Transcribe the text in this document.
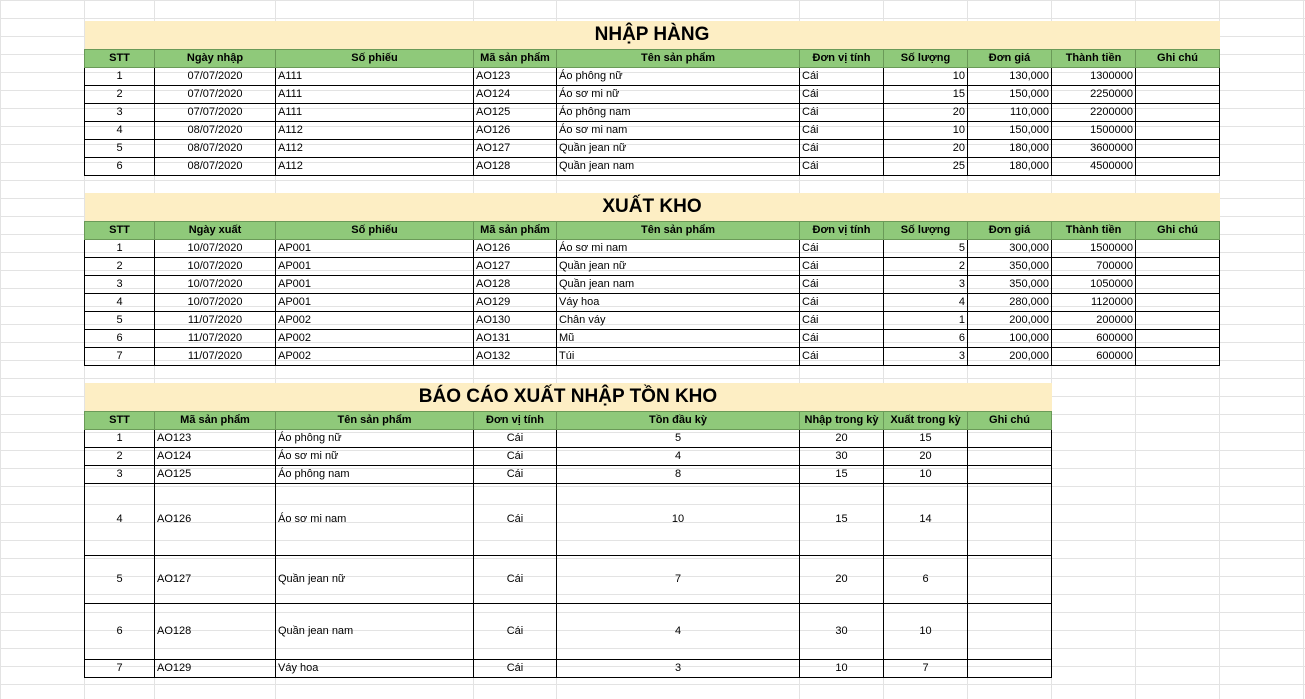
NHẬP HÀNG									
STT	Ngày nhập	Số phiếu	Mã sản phẩm	Tên sản phẩm	Đơn vị tính	Số lượng	Đơn giá	Thành tiền	Ghi chú
1	07/07/2020	A111	AO123	Áo phông nữ	Cái	10	130,000	1300000	
2	07/07/2020	A111	AO124	Áo sơ mi nữ	Cái	15	150,000	2250000	
3	07/07/2020	A111	AO125	Áo phông nam	Cái	20	110,000	2200000	
4	08/07/2020	A112	AO126	Áo sơ mi nam	Cái	10	150,000	1500000	
5	08/07/2020	A112	AO127	Quần jean nữ	Cái	20	180,000	3600000	
6	08/07/2020	A112	AO128	Quần jean nam	Cái	25	180,000	4500000	
XUẤT KHO									
STT	Ngày xuất	Số phiếu	Mã sản phẩm	Tên sản phẩm	Đơn vị tính	Số lượng	Đơn giá	Thành tiền	Ghi chú
1	10/07/2020	AP001	AO126	Áo sơ mi nam	Cái	5	300,000	1500000	
2	10/07/2020	AP001	AO127	Quần jean nữ	Cái	2	350,000	700000	
3	10/07/2020	AP001	AO128	Quần jean nam	Cái	3	350,000	1050000	
4	10/07/2020	AP001	AO129	Váy hoa	Cái	4	280,000	1120000	
5	11/07/2020	AP002	AO130	Chân váy	Cái	1	200,000	200000	
6	11/07/2020	AP002	AO131	Mũ	Cái	6	100,000	600000	
7	11/07/2020	AP002	AO132	Túi	Cái	3	200,000	600000	
BÁO CÁO XUẤT NHẬP TỒN KHO							
STT	Mã sản phẩm	Tên sản phẩm	Đơn vị tính	Tồn đầu kỳ	Nhập trong kỳ	Xuất trong kỳ	Ghi chú
1	AO123	Áo phông nữ	Cái	5	20	15	
2	AO124	Áo sơ mi nữ	Cái	4	30	20	
3	AO125	Áo phông nam	Cái	8	15	10	
4	AO126	Áo sơ mi nam	Cái	10	15	14	
5	AO127	Quần jean nữ	Cái	7	20	6	
6	AO128	Quần jean nam	Cái	4	30	10	
7	AO129	Váy hoa	Cái	3	10	7	
